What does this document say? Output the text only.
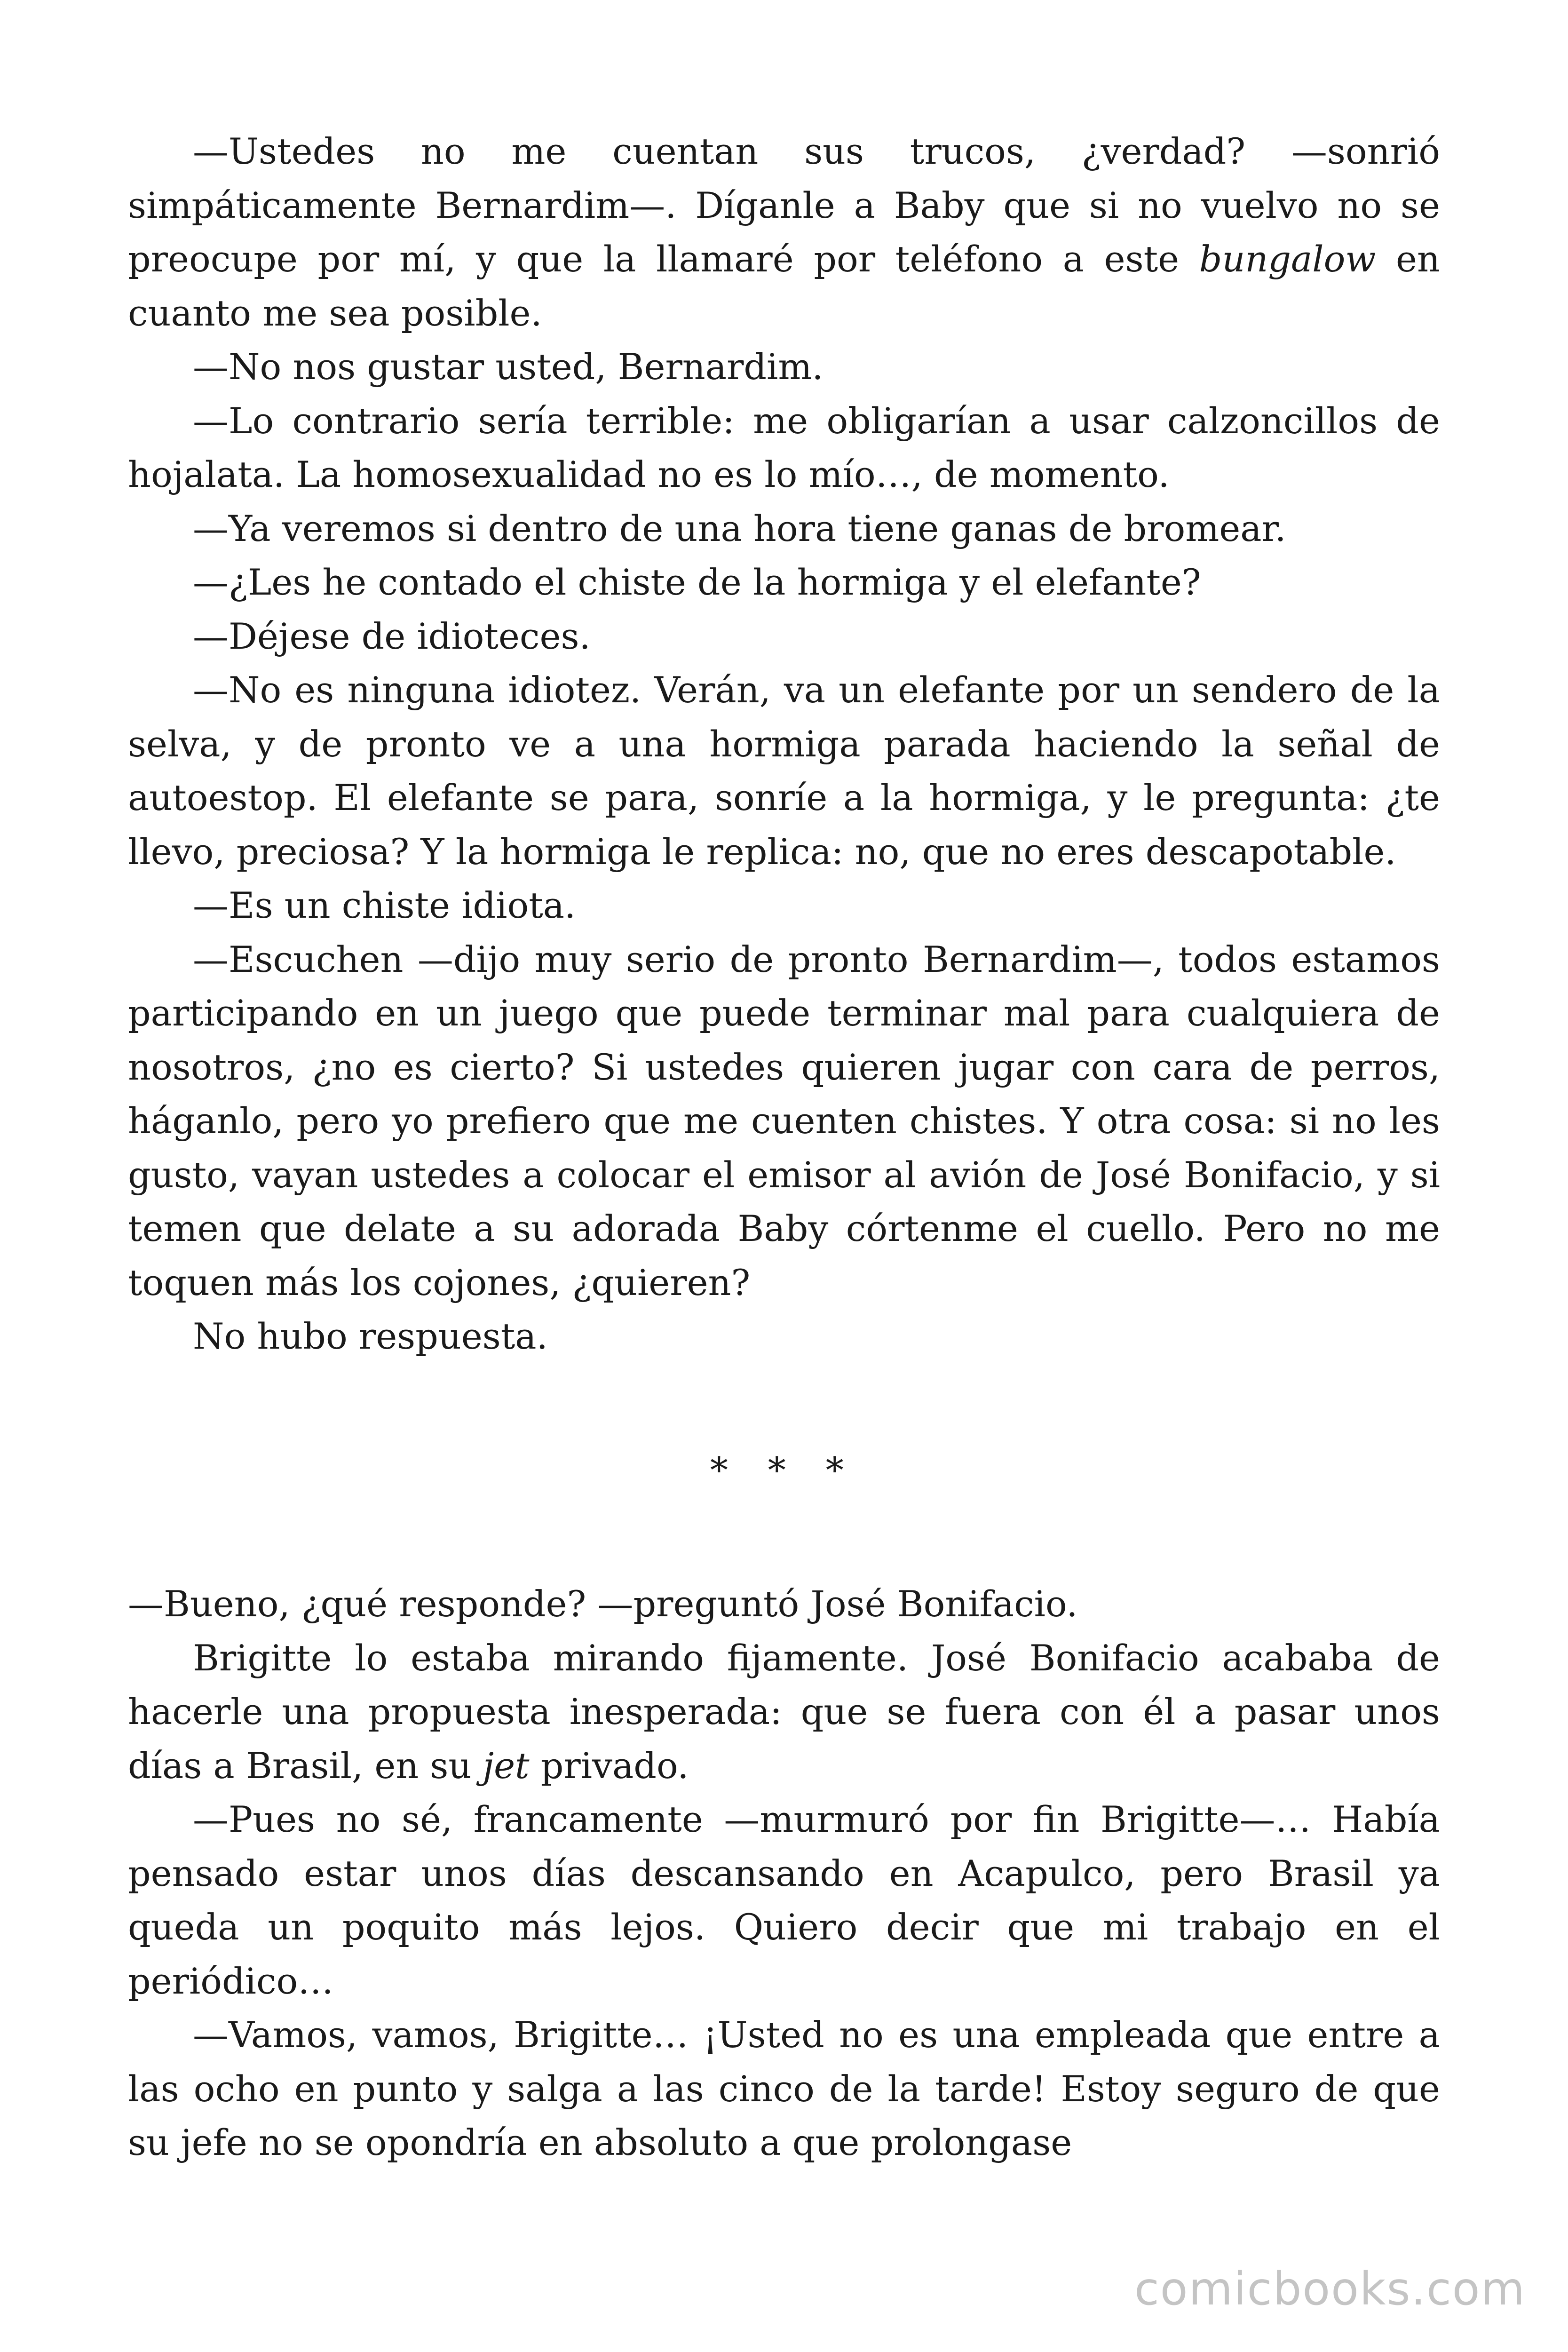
—Ustedes no me cuentan sus trucos, ¿verdad? —sonrió simpáticamente Bernardim—. Díganle a Baby que si no vuelvo no se preocupe por mí, y que la llamaré por teléfono a este bungalow en cuanto me sea posible.

—No nos gustar usted, Bernardim.

—Lo contrario sería terrible: me obligarían a usar calzoncillos de hojalata. La homosexualidad no es lo mío…, de momento.

—Ya veremos si dentro de una hora tiene ganas de bromear.

—¿Les he contado el chiste de la hormiga y el elefante?

—Déjese de idioteces.

—No es ninguna idiotez. Verán, va un elefante por un sendero de la selva, y de pronto ve a una hormiga parada haciendo la señal de autoestop. El elefante se para, sonríe a la hormiga, y le pregunta: ¿te llevo, preciosa? Y la hormiga le replica: no, que no eres descapotable.

—Es un chiste idiota.

—Escuchen —dijo muy serio de pronto Bernardim—, todos estamos participando en un juego que puede terminar mal para cualquiera de nosotros, ¿no es cierto? Si ustedes quieren jugar con cara de perros, háganlo, pero yo prefiero que me cuenten chistes. Y otra cosa: si no les gusto, vayan ustedes a colocar el emisor al avión de José Bonifacio, y si temen que delate a su adorada Baby córtenme el cuello. Pero no me toquen más los cojones, ¿quieren?

No hubo respuesta.

* * *

—Bueno, ¿qué responde? —preguntó José Bonifacio.

Brigitte lo estaba mirando fijamente. José Bonifacio acababa de hacerle una propuesta inesperada: que se fuera con él a pasar unos días a Brasil, en su jet privado.

—Pues no sé, francamente —murmuró por fin Brigitte—… Había pensado estar unos días descansando en Acapulco, pero Brasil ya queda un poquito más lejos. Quiero decir que mi trabajo en el periódico…

—Vamos, vamos, Brigitte… ¡Usted no es una empleada que entre a las ocho en punto y salga a las cinco de la tarde! Estoy seguro de que su jefe no se opondría en absoluto a que prolongase

comicbooks.com
